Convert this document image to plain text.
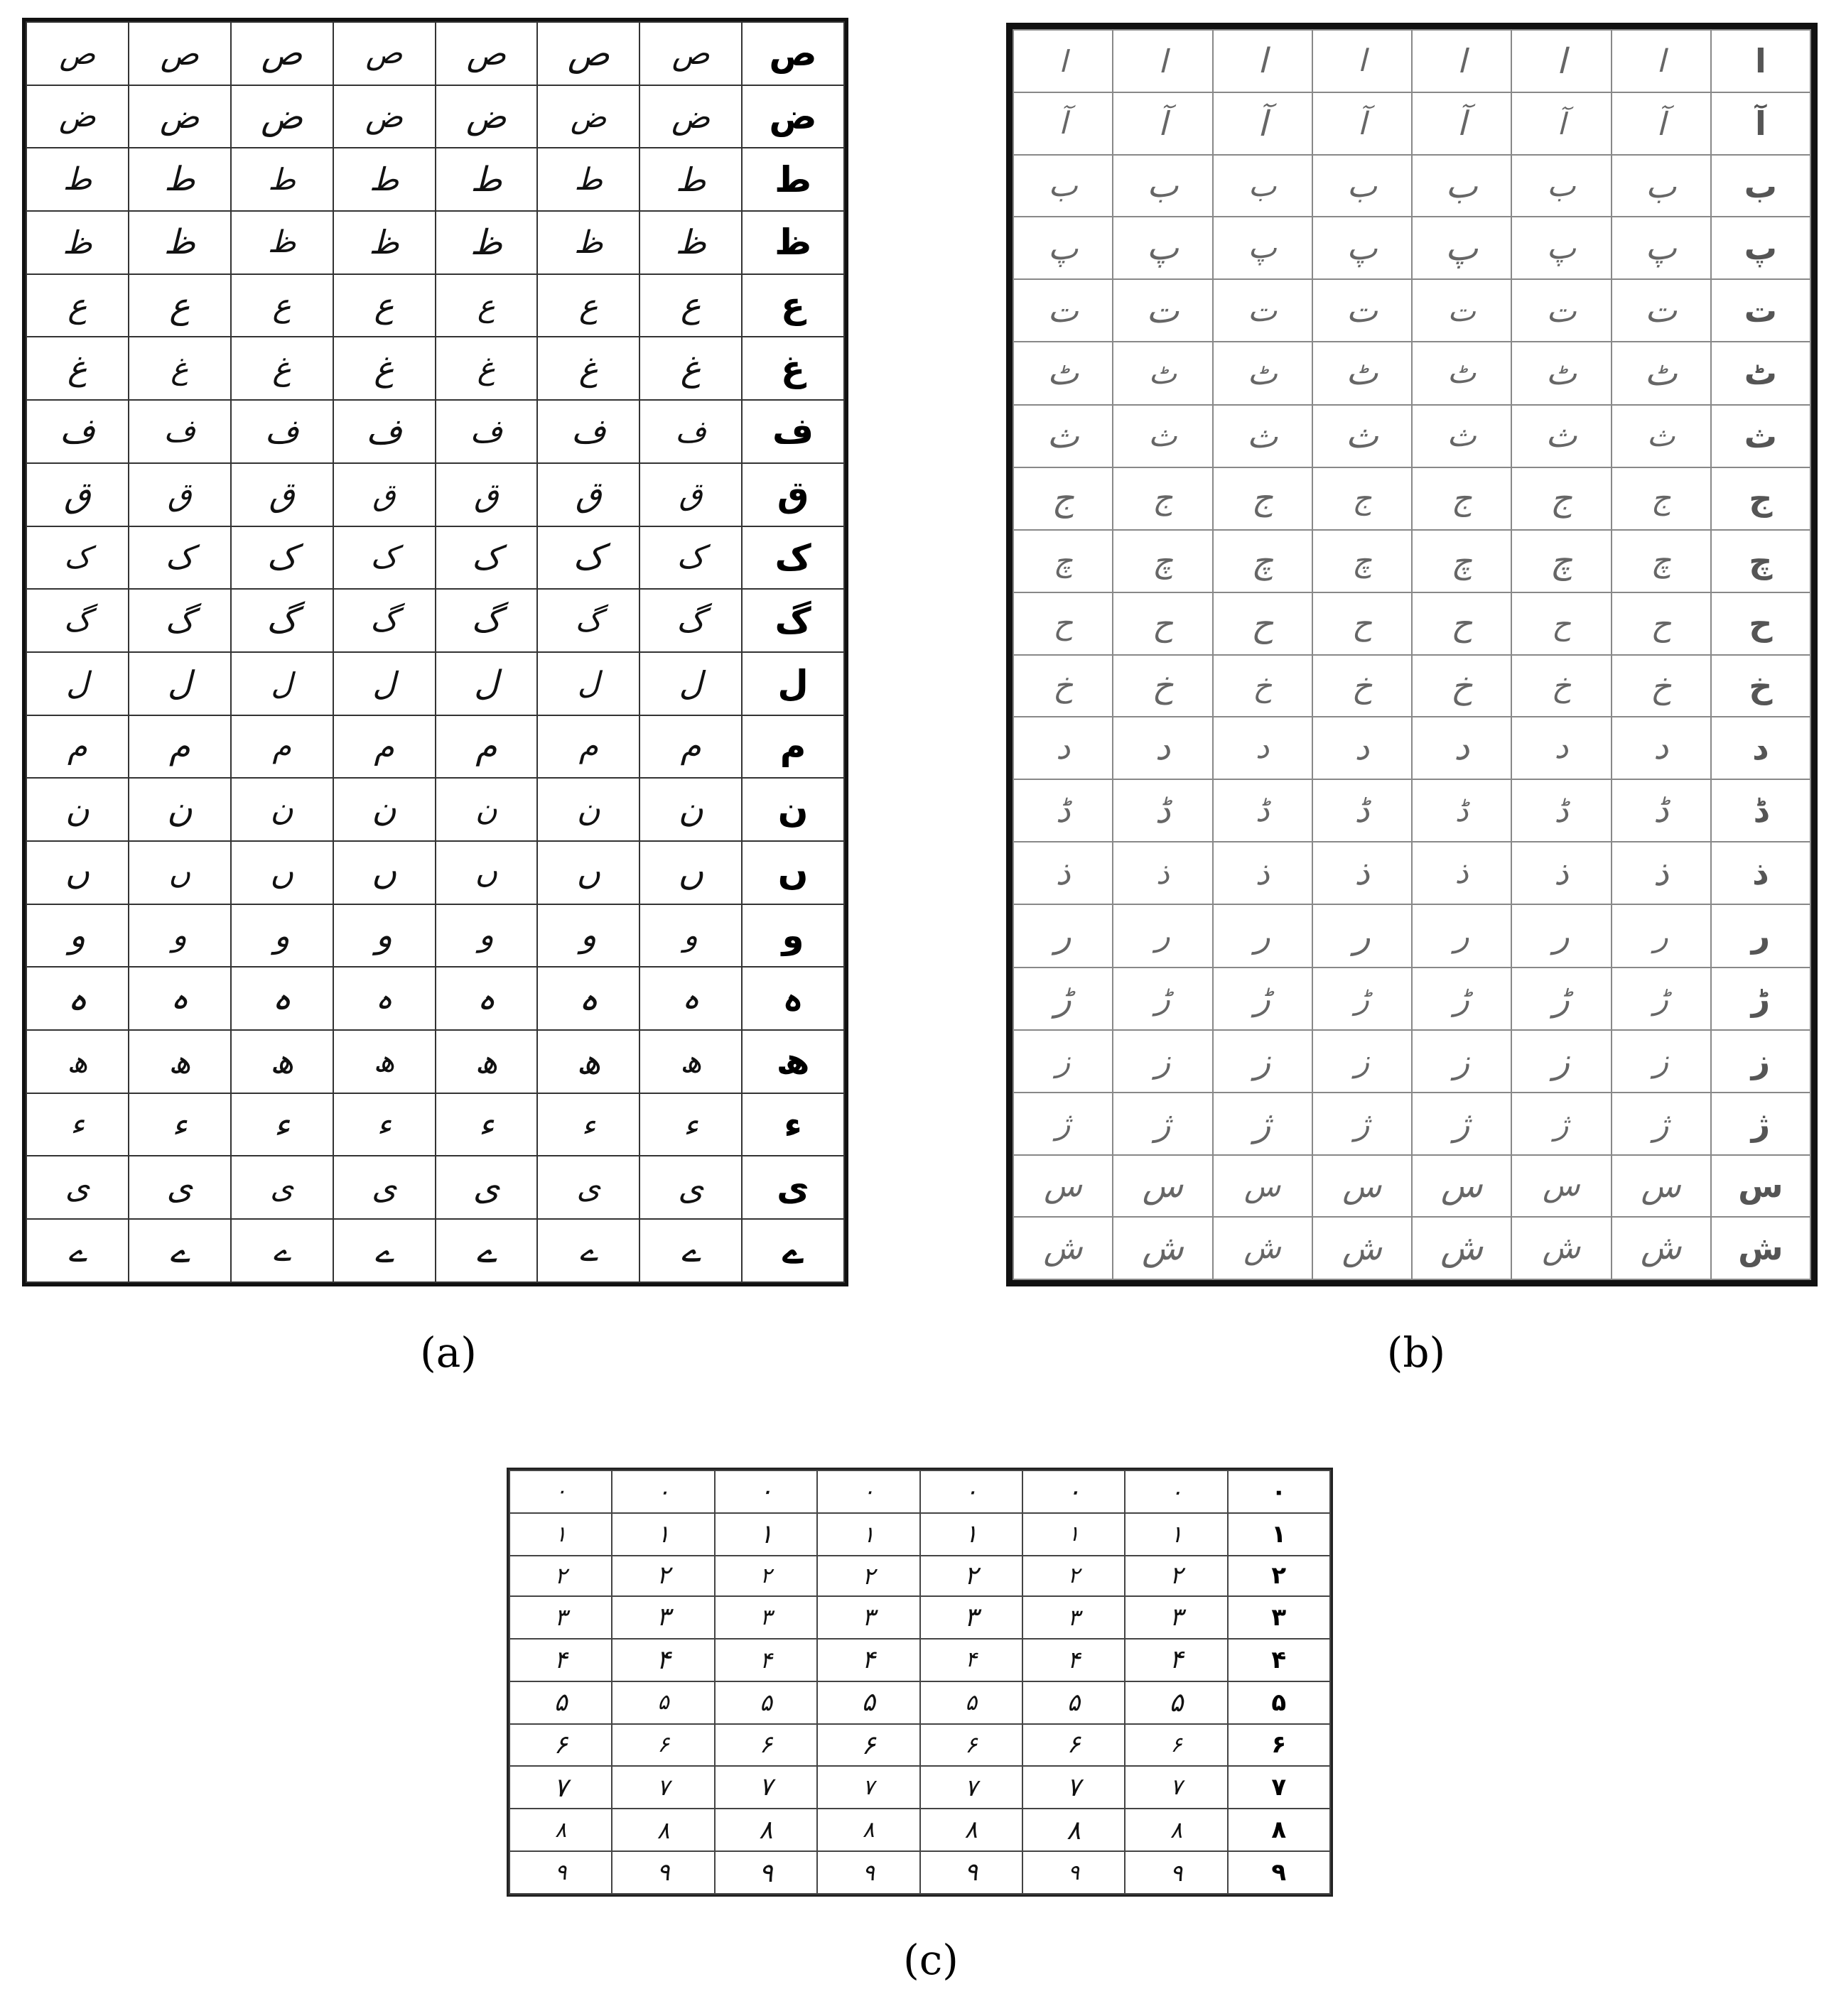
ص	ص	ص	ص	ص	ص	ص	ص
ض	ض	ض	ض	ض	ض	ض	ض
ط	ط	ط	ط	ط	ط	ط	ط
ظ	ظ	ظ	ظ	ظ	ظ	ظ	ظ
ع	ع	ع	ع	ع	ع	ع	ع
غ	غ	غ	غ	غ	غ	غ	غ
ف	ف	ف	ف	ف	ف	ف	ف
ق	ق	ق	ق	ق	ق	ق	ق
ک	ک	ک	ک	ک	ک	ک	ک
گ	گ	گ	گ	گ	گ	گ	گ
ل	ل	ل	ل	ل	ل	ل	ل
م	م	م	م	م	م	م	م
ن	ن	ن	ن	ن	ن	ن	ن
ں	ں	ں	ں	ں	ں	ں	ں
و	و	و	و	و	و	و	و
ہ	ہ	ہ	ہ	ہ	ہ	ہ	ہ
ھ	ھ	ھ	ھ	ھ	ھ	ھ	ھ
ء	ء	ء	ء	ء	ء	ء	ء
ی	ی	ی	ی	ی	ی	ی	ی
ے	ے	ے	ے	ے	ے	ے	ے
ا	ا	ا	ا	ا	ا	ا	ا
آ	آ	آ	آ	آ	آ	آ	آ
ب	ب	ب	ب	ب	ب	ب	ب
پ	پ	پ	پ	پ	پ	پ	پ
ت	ت	ت	ت	ت	ت	ت	ت
ٹ	ٹ	ٹ	ٹ	ٹ	ٹ	ٹ	ٹ
ث	ث	ث	ث	ث	ث	ث	ث
ج	ج	ج	ج	ج	ج	ج	ج
چ	چ	چ	چ	چ	چ	چ	چ
ح	ح	ح	ح	ح	ح	ح	ح
خ	خ	خ	خ	خ	خ	خ	خ
د	د	د	د	د	د	د	د
ڈ	ڈ	ڈ	ڈ	ڈ	ڈ	ڈ	ڈ
ذ	ذ	ذ	ذ	ذ	ذ	ذ	ذ
ر	ر	ر	ر	ر	ر	ر	ر
ڑ	ڑ	ڑ	ڑ	ڑ	ڑ	ڑ	ڑ
ز	ز	ز	ز	ز	ز	ز	ز
ژ	ژ	ژ	ژ	ژ	ژ	ژ	ژ
س	س	س	س	س	س	س	س
ش	ش	ش	ش	ش	ش	ش	ش
۰	۰	۰	۰	۰	۰	۰	۰
۱	۱	۱	۱	۱	۱	۱	۱
۲	۲	۲	۲	۲	۲	۲	۲
۳	۳	۳	۳	۳	۳	۳	۳
۴	۴	۴	۴	۴	۴	۴	۴
۵	۵	۵	۵	۵	۵	۵	۵
۶	۶	۶	۶	۶	۶	۶	۶
۷	۷	۷	۷	۷	۷	۷	۷
۸	۸	۸	۸	۸	۸	۸	۸
۹	۹	۹	۹	۹	۹	۹	۹
(a)	(b)
(c)
